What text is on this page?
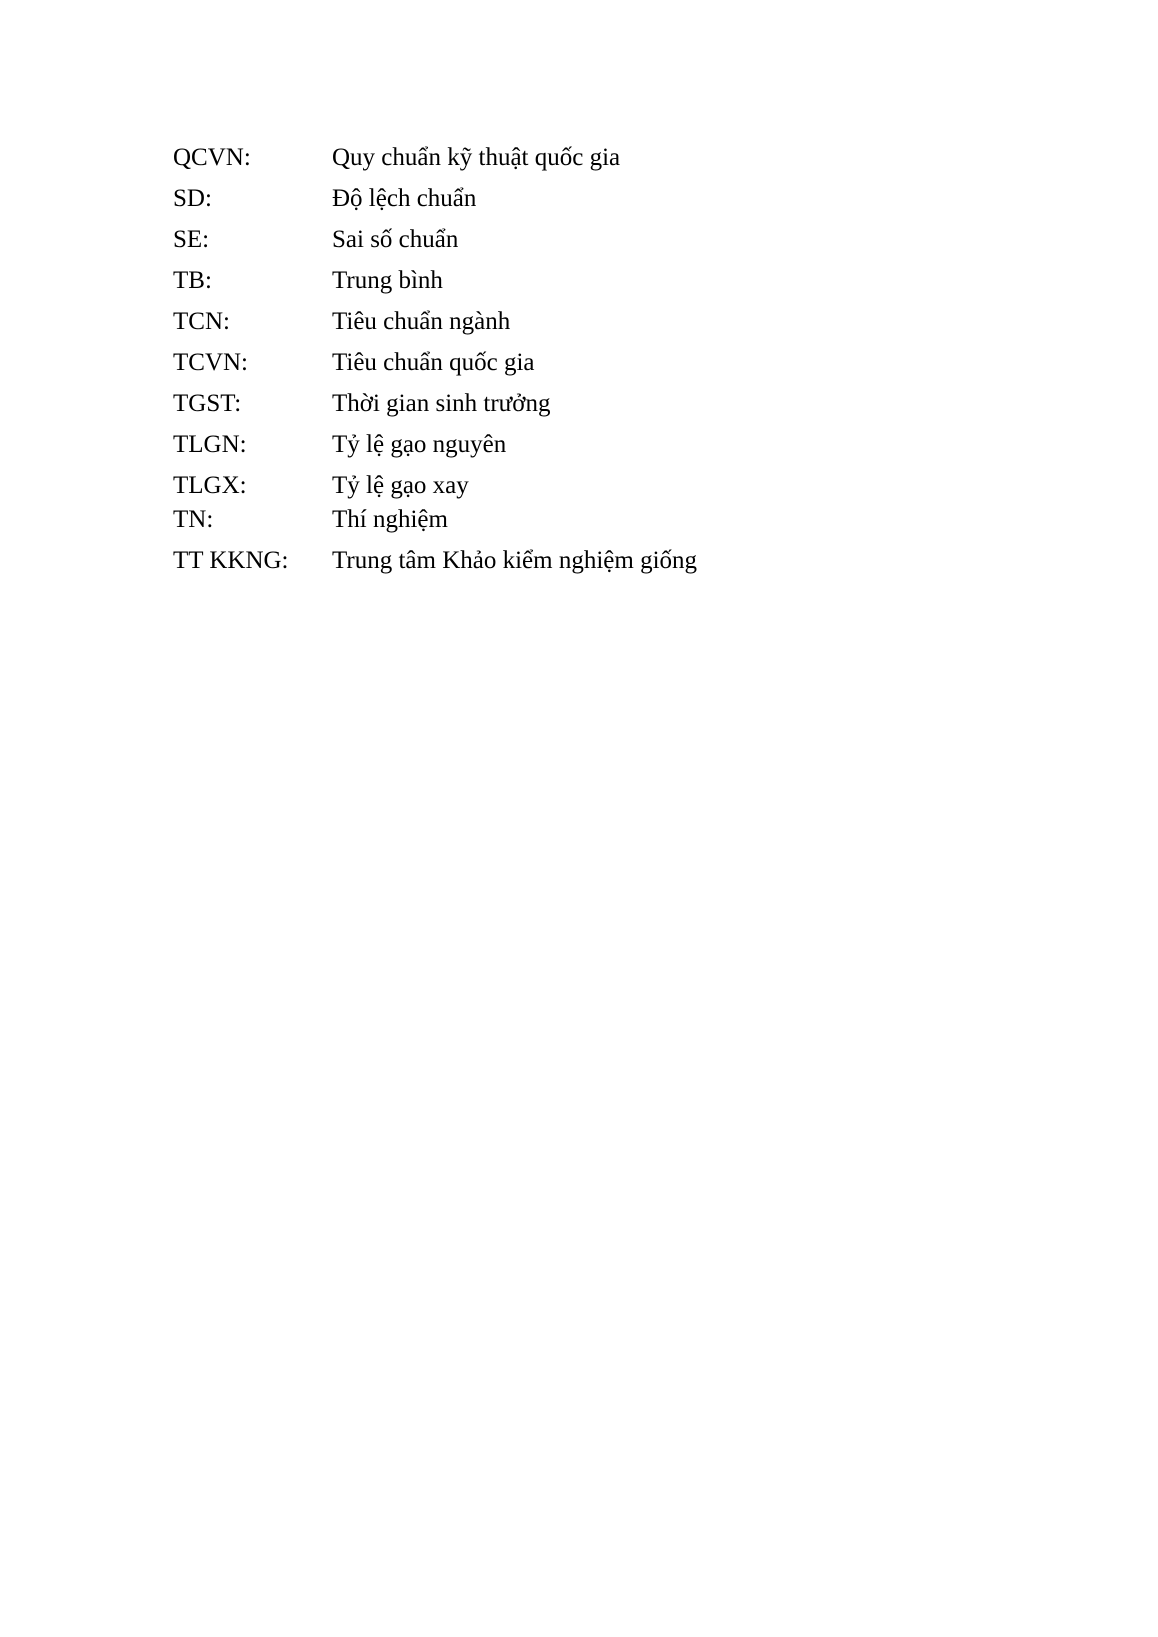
QCVN:	Quy chuẩn kỹ thuật quốc gia
SD:	Độ lệch chuẩn
SE:	Sai số chuẩn
TB:	Trung bình
TCN:	Tiêu chuẩn ngành
TCVN:	Tiêu chuẩn quốc gia
TGST:	Thời gian sinh trưởng
TLGN:	Tỷ lệ gạo nguyên
TLGX:	Tỷ lệ gạo xay
TN:	Thí nghiệm
TT KKNG: Trung tâm Khảo kiểm nghiệm giống
